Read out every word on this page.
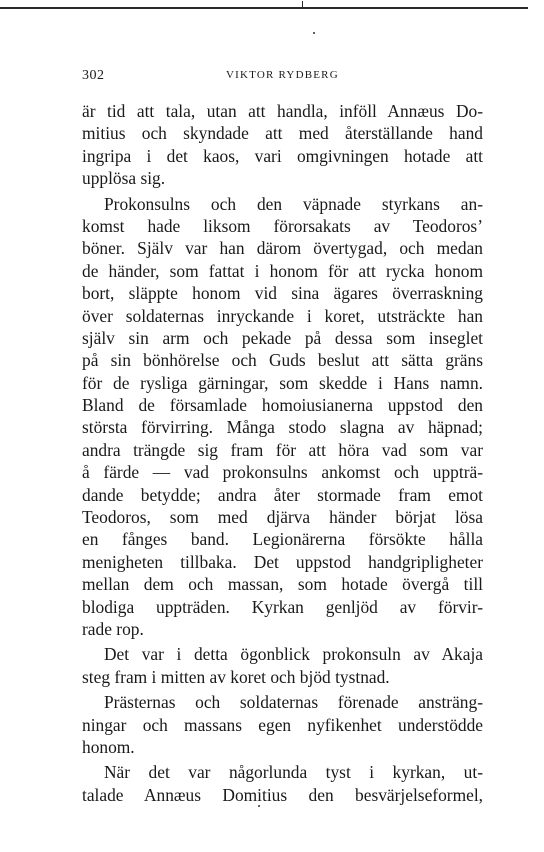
302	VIKTOR RYDBERG
är tid att tala, utan att handla, inföll Annæus Do-
mitius och skyndade att med återställande hand
ingripa i det kaos, vari omgivningen hotade att
upplösa sig.
Prokonsulns och den väpnade styrkans an-
komst hade liksom förorsakats av Teodoros’
böner. Själv var han därom övertygad, och medan
de händer, som fattat i honom för att rycka honom
bort, släppte honom vid sina ägares överraskning
över soldaternas inryckande i koret, utsträckte han
själv sin arm och pekade på dessa som inseglet
på sin bönhörelse och Guds beslut att sätta gräns
för de rysliga gärningar, som skedde i Hans namn.
Bland de församlade homoiusianerna uppstod den
största förvirring. Många stodo slagna av häpnad;
andra trängde sig fram för att höra vad som var
å färde — vad prokonsulns ankomst och uppträ-
dande betydde; andra åter stormade fram emot
Teodoros, som med djärva händer börjat lösa
en fånges band. Legionärerna försökte hålla
menigheten tillbaka. Det uppstod handgripligheter
mellan dem och massan, som hotade övergå till
blodiga uppträden. Kyrkan genljöd av förvir-
rade rop.
Det var i detta ögonblick prokonsuln av Akaja
steg fram i mitten av koret och bjöd tystnad.
Prästernas och soldaternas förenade ansträng-
ningar och massans egen nyfikenhet understödde
honom.
När det var någorlunda tyst i kyrkan, ut-
talade Annæus Domitius den besvärjelseformel,
